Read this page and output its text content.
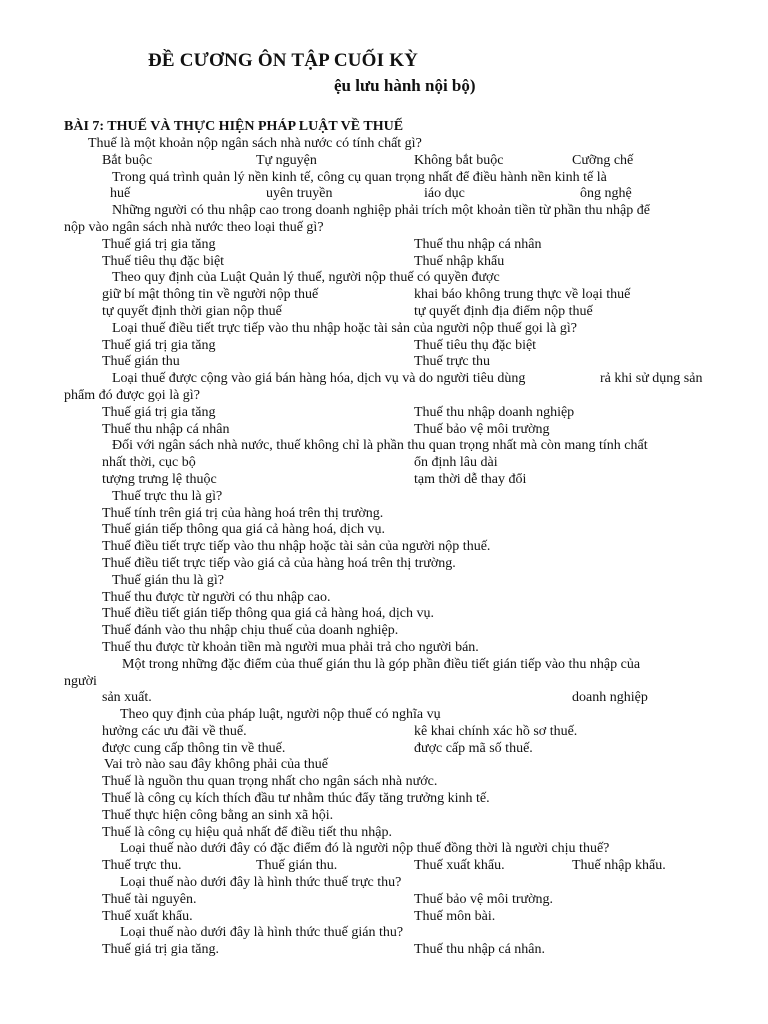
ĐỀ CƯƠNG ÔN TẬP CUỐI KỲ
ệu lưu hành nội bộ)
BÀI 7: THUẾ VÀ THỰC HIỆN PHÁP LUẬT VỀ THUẾ
Thuế là một khoản nộp ngân sách nhà nước có tính chất gì?
Bắt buộc	Tự nguyện	Không bắt buộc	Cưỡng chế
Trong quá trình quản lý nền kinh tế, công cụ quan trọng nhất để điều hành nền kinh tế là
huế	uyên truyền	iáo dục	ông nghệ
Những người có thu nhập cao trong doanh nghiệp phải trích một khoản tiền từ phần thu nhập để
nộp vào ngân sách nhà nước theo loại thuế gì?
Thuế giá trị gia tăng	Thuế thu nhập cá nhân
Thuế tiêu thụ đặc biệt	Thuế nhập khẩu
Theo quy định của Luật Quản lý thuế, người nộp thuế có quyền được
giữ bí mật thông tin về người nộp thuế	khai báo không trung thực về loại thuế
tự quyết định thời gian nộp thuế	tự quyết định địa điểm nộp thuế
Loại thuế điều tiết trực tiếp vào thu nhập hoặc tài sản của người nộp thuế gọi là gì?
Thuế giá trị gia tăng	Thuế tiêu thụ đặc biệt
Thuế gián thu	Thuế trực thu
Loại thuế được cộng vào giá bán hàng hóa, dịch vụ và do người tiêu dùng	rả khi sử dụng sản
phẩm đó được gọi là gì?
Thuế giá trị gia tăng	Thuế thu nhập doanh nghiệp
Thuế thu nhập cá nhân	Thuế bảo vệ môi trường
Đối với ngân sách nhà nước, thuế không chỉ là phần thu quan trọng nhất mà còn mang tính chất
nhất thời, cục bộ	ổn định lâu dài
tượng trưng lệ thuộc	tạm thời dễ thay đổi
Thuế trực thu là gì?
Thuế tính trên giá trị của hàng hoá trên thị trường.
Thuế gián tiếp thông qua giá cả hàng hoá, dịch vụ.
Thuế điều tiết trực tiếp vào thu nhập hoặc tài sản của người nộp thuế.
Thuế điều tiết trực tiếp vào giá cả của hàng hoá trên thị trường.
Thuế gián thu là gì?
Thuế thu được từ người có thu nhập cao.
Thuế điều tiết gián tiếp thông qua giá cả hàng hoá, dịch vụ.
Thuế đánh vào thu nhập chịu thuế của doanh nghiệp.
Thuế thu được từ khoản tiền mà người mua phải trả cho người bán.
Một trong những đặc điểm của thuế gián thu là góp phần điều tiết gián tiếp vào thu nhập của
người
sản xuất.	doanh nghiệp
Theo quy định của pháp luật, người nộp thuế có nghĩa vụ
hưởng các ưu đãi về thuế.	kê khai chính xác hồ sơ thuế.
được cung cấp thông tin về thuế.	được cấp mã số thuế.
Vai trò nào sau đây không phải của thuế
Thuế là nguồn thu quan trọng nhất cho ngân sách nhà nước.
Thuế là công cụ kích thích đầu tư nhằm thúc đẩy tăng trưởng kinh tế.
Thuế thực hiện công bằng an sinh xã hội.
Thuế là công cụ hiệu quả nhất để điều tiết thu nhập.
Loại thuế nào dưới đây có đặc điểm đó là người nộp thuế đồng thời là người chịu thuế?
Thuế trực thu.	Thuế gián thu.	Thuế xuất khẩu.	Thuế nhập khẩu.
Loại thuế nào dưới đây là hình thức thuế trực thu?
Thuế tài nguyên.	Thuế bảo vệ môi trường.
Thuế xuất khẩu.	Thuế môn bài.
Loại thuế nào dưới đây là hình thức thuế gián thu?
Thuế giá trị gia tăng.	Thuế thu nhập cá nhân.
